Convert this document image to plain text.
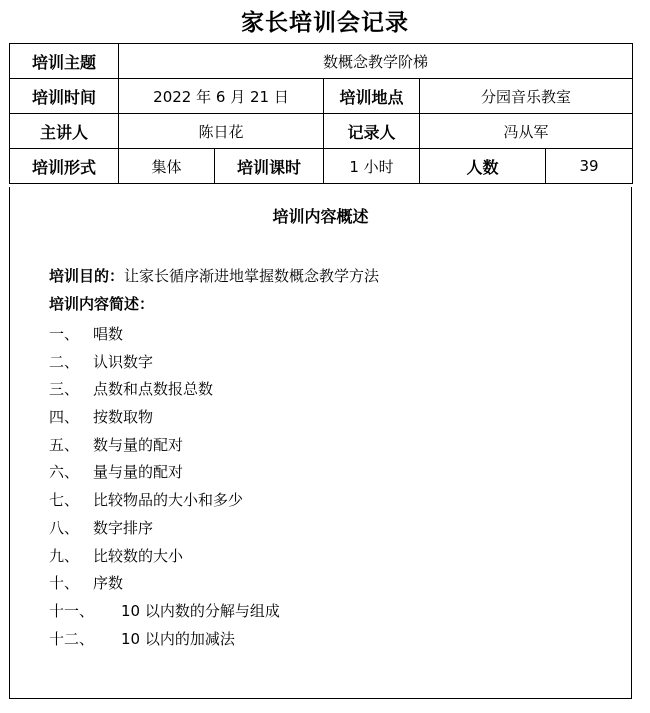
家长培训会记录
培训主题	数概念教学阶梯				
培训时间	2022 年 6 月 21 日		培训地点	分园音乐教室	
主讲人	陈日花		记录人	冯从军	
培训形式	集体	培训课时	1 小时	人数	39
培训内容概述
培训目的：让家长循序渐进地掌握数概念教学方法
培训内容简述：
一、 唱数
二、 认识数字
三、 点数和点数报总数
四、 按数取物
五、 数与量的配对
六、 量与量的配对
七、 比较物品的大小和多少
八、 数字排序
九、 比较数的大小
十、 序数
十一、 10 以内数的分解与组成
十二、 10 以内的加减法
